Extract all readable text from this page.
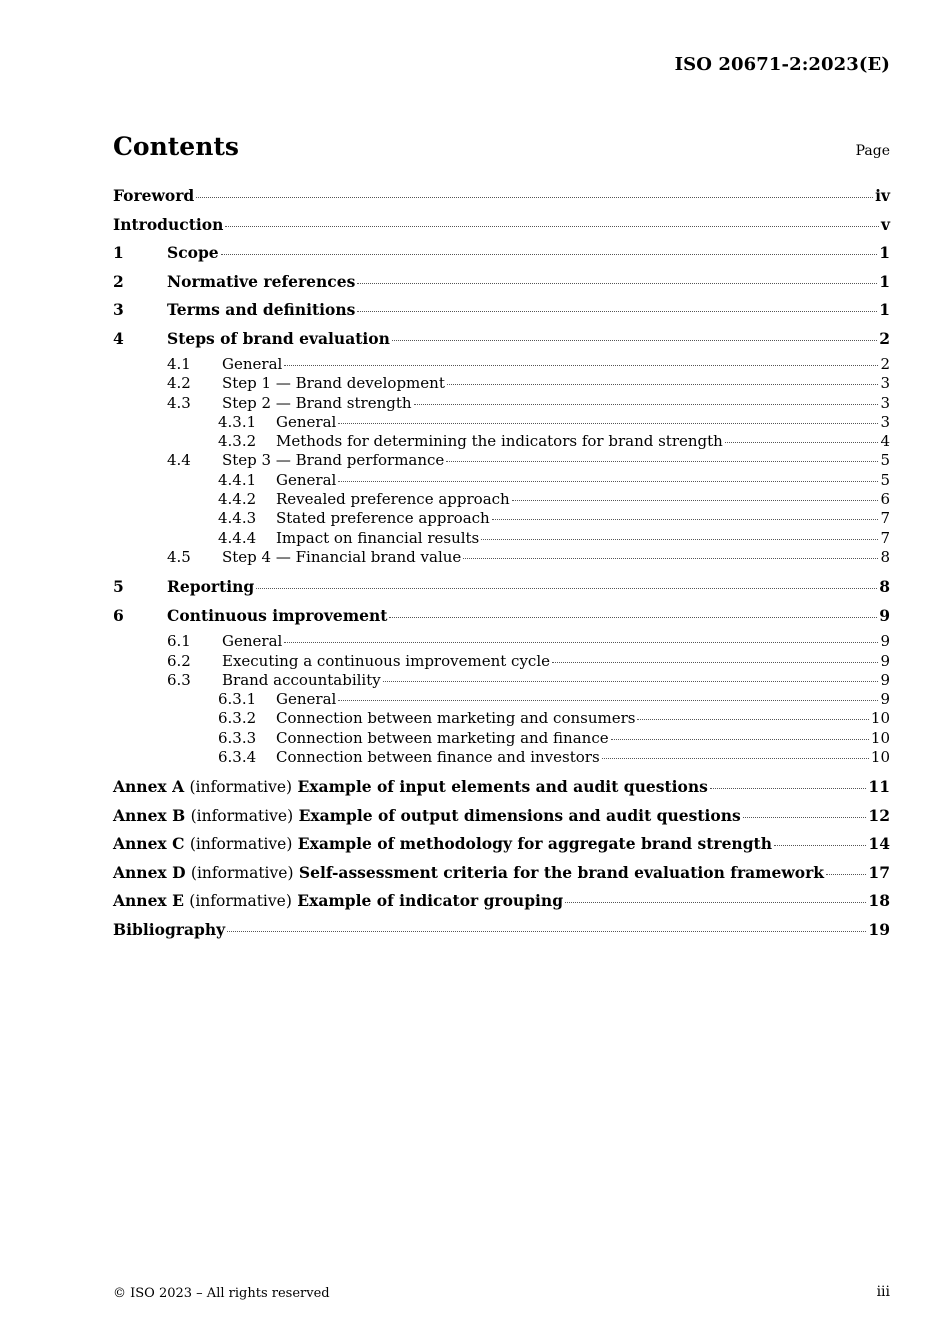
ISO 20671-2:2023(E)
Contents	Page
Foreword	iv
Introduction	v
1	Scope	1
2	Normative references	1
3	Terms and definitions	1
4	Steps of brand evaluation	2
4.1	General	2
4.2	Step 1 — Brand development	3
4.3	Step 2 — Brand strength	3
4.3.1	General	3
4.3.2	Methods for determining the indicators for brand strength	4
4.4	Step 3 — Brand performance	5
4.4.1	General	5
4.4.2	Revealed preference approach	6
4.4.3	Stated preference approach	7
4.4.4	Impact on financial results	7
4.5	Step 4 — Financial brand value	8
5	Reporting	8
6	Continuous improvement	9
6.1	General	9
6.2	Executing a continuous improvement cycle	9
6.3	Brand accountability	9
6.3.1	General	9
6.3.2	Connection between marketing and consumers	10
6.3.3	Connection between marketing and finance	10
6.3.4	Connection between finance and investors	10
Annex A (informative) Example of input elements and audit questions	11
Annex B (informative) Example of output dimensions and audit questions	12
Annex C (informative) Example of methodology for aggregate brand strength	14
Annex D (informative) Self-assessment criteria for the brand evaluation framework	17
Annex E (informative) Example of indicator grouping	18
Bibliography	19
© ISO 2023 – All rights reserved	iii
